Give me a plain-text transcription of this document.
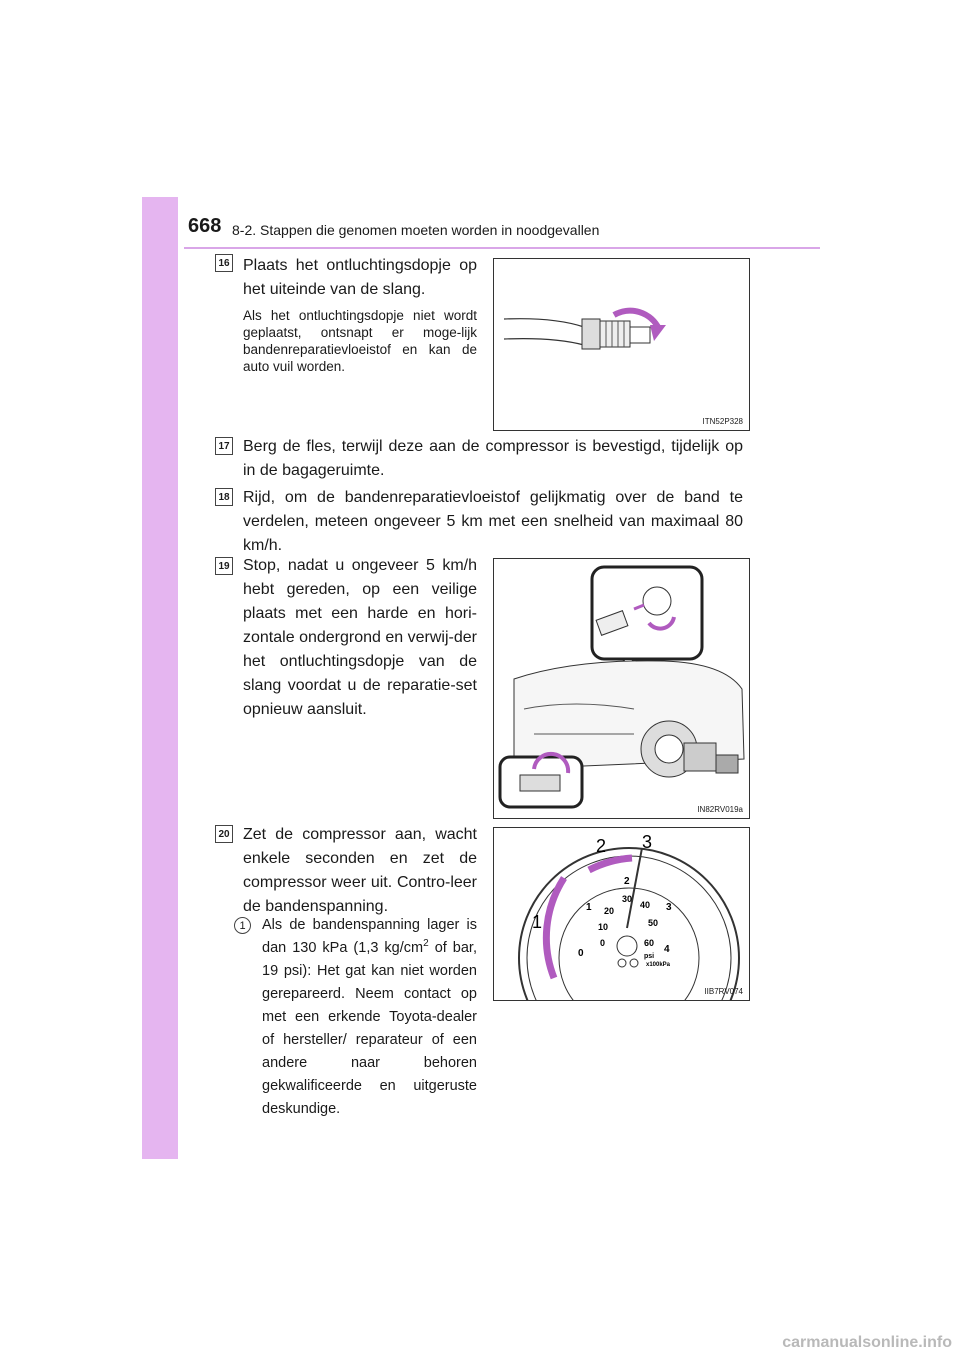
668 8-2. Stappen die genomen moeten worden in noodgevallen
16 Plaats het ontluchtingsdopje op het uiteinde van de slang.
Als het ontluchtingsdopje niet wordt geplaatst, ontsnapt er moge-lijk bandenreparatievloeistof en kan de auto vuil worden.
ITN52P328
17 Berg de fles, terwijl deze aan de compressor is bevestigd, tijdelijk op in de bagageruimte.
18 Rijd, om de bandenreparatievloeistof gelijkmatig over de band te verdelen, meteen ongeveer 5 km met een snelheid van maximaal 80 km/h.
19 Stop, nadat u ongeveer 5 km/h hebt gereden, op een veilige plaats met een harde en hori-zontale ondergrond en verwij-der het ontluchtingsdopje van de slang voordat u de reparatie-set opnieuw aansluit.
IN82RV019a
20 Zet de compressor aan, wacht enkele seconden en zet de compressor weer uit. Contro-leer de bandenspanning.
1	Als de bandenspanning lager is dan 130 kPa (1,3 $kg/cm^2$ of bar, 19 psi): Het gat kan niet worden gerepareerd. Neem contact op met een erkende Toyota-dealer of hersteller/ reparateur of een andere naar behoren gekwalificeerde en uitgeruste deskundige.
1
2 3
0
1
2
3
4
0
10
20
30
40
50
60
psi
x100kPa
IIB7RV074
carmanualsonline.info
